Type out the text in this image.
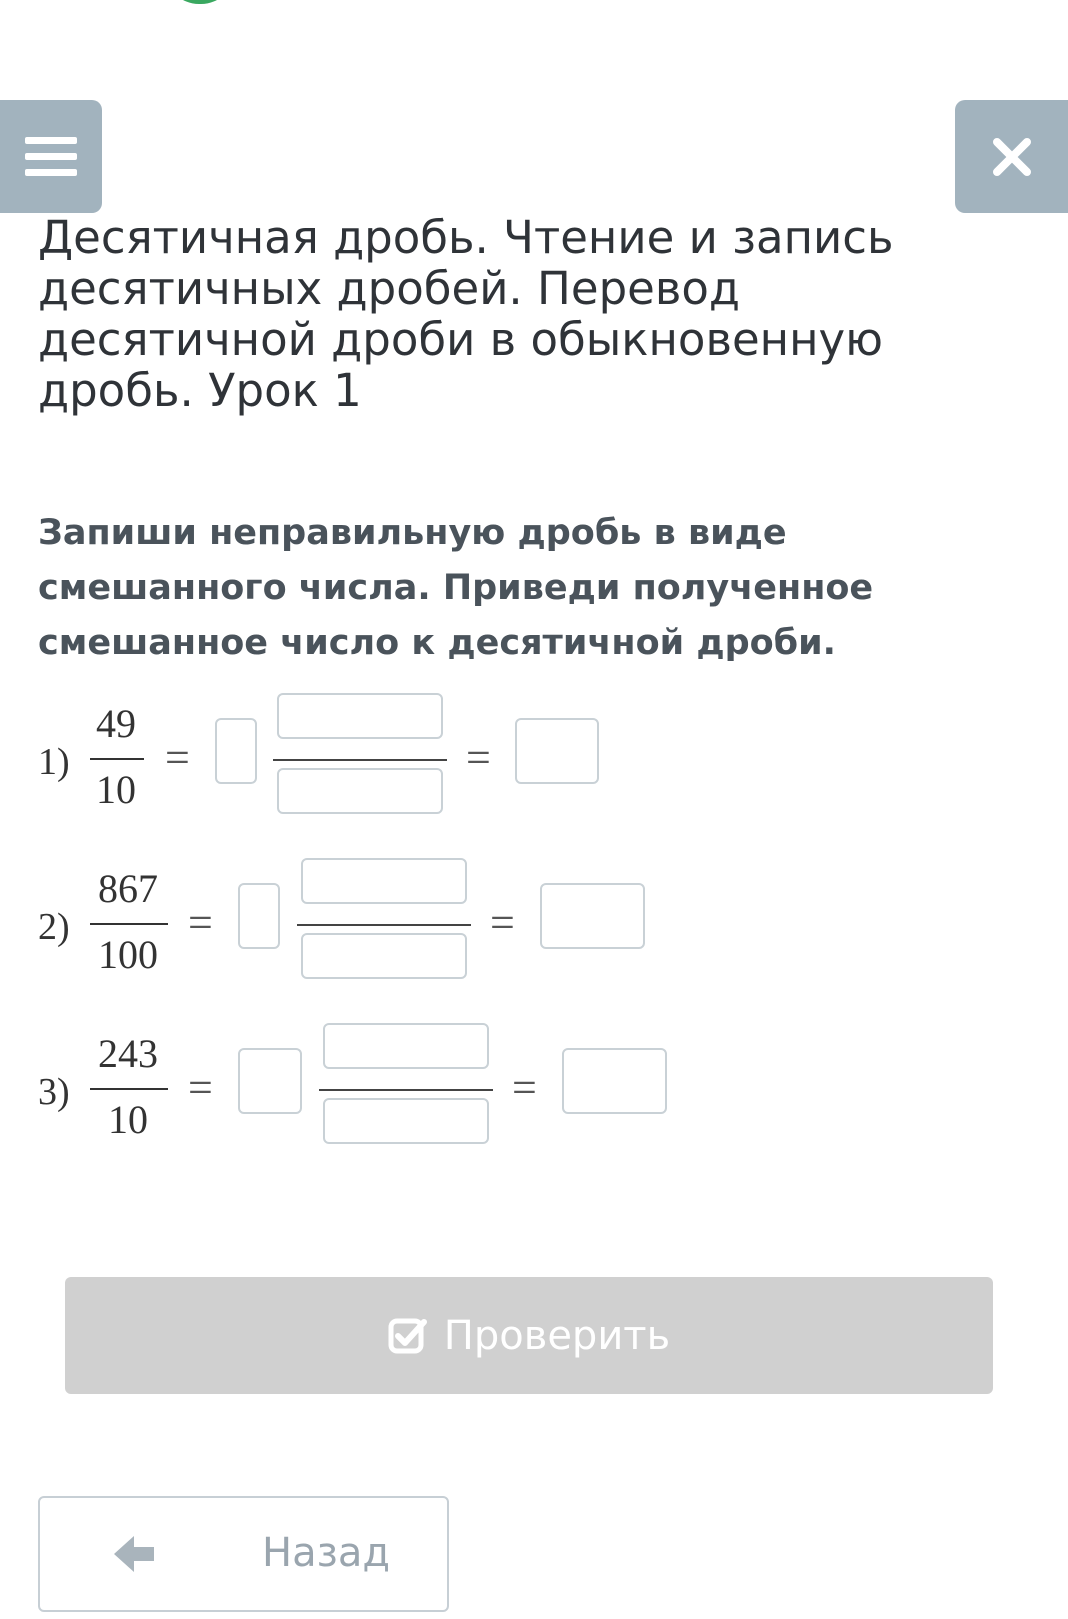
Десятичная дробь. Чтение и запись десятичных дробей. Перевод десятичной дроби в обыкновенную дробь. Урок 1

Запиши неправильную дробь в виде смешанного числа. Приведи полученное смешанное число к десятичной дроби.

1)
49
10
=	=
2)
867
100
=	=
3)
243
10
=	=
Проверить
Назад
